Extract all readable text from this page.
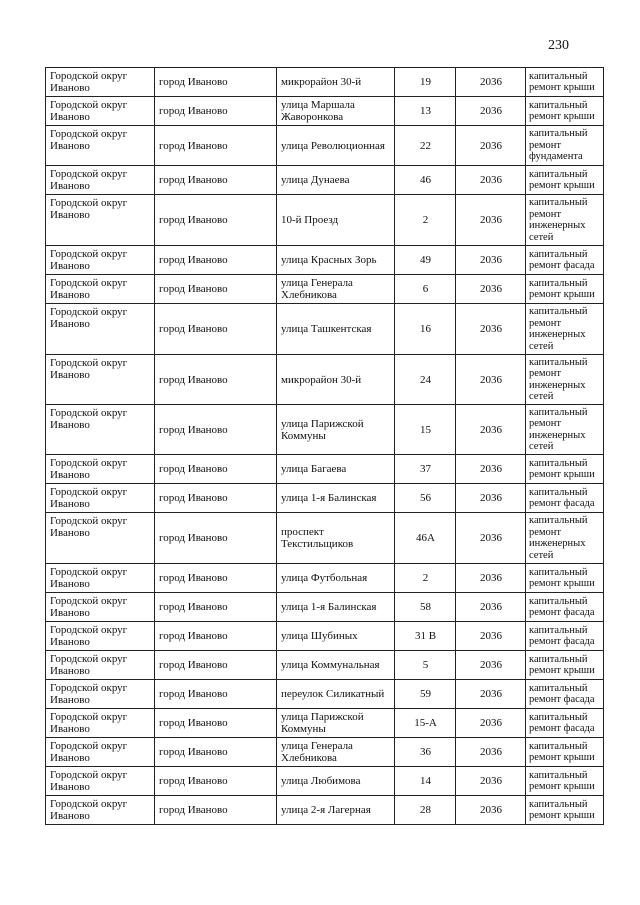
230
Городской округ Иваново	город Иваново	микрорайон 30-й	19	2036	капитальный ремонт крыши
Городской округ Иваново	город Иваново	улица Маршала Жаворонкова	13	2036	капитальный ремонт крыши
Городской округ Иваново	город Иваново	улица Революционная	22	2036	капитальный ремонт фундамента
Городской округ Иваново	город Иваново	улица Дунаева	46	2036	капитальный ремонт крыши
Городской округ Иваново	город Иваново	10-й Проезд	2	2036	капитальный ремонт инженерных сетей
Городской округ Иваново	город Иваново	улица Красных Зорь	49	2036	капитальный ремонт фасада
Городской округ Иваново	город Иваново	улица Генерала Хлебникова	6	2036	капитальный ремонт крыши
Городской округ Иваново	город Иваново	улица Ташкентская	16	2036	капитальный ремонт инженерных сетей
Городской округ Иваново	город Иваново	микрорайон 30-й	24	2036	капитальный ремонт инженерных сетей
Городской округ Иваново	город Иваново	улица Парижской Коммуны	15	2036	капитальный ремонт инженерных сетей
Городской округ Иваново	город Иваново	улица Багаева	37	2036	капитальный ремонт крыши
Городской округ Иваново	город Иваново	улица 1-я Балинская	56	2036	капитальный ремонт фасада
Городской округ Иваново	город Иваново	проспект Текстильщиков	46А	2036	капитальный ремонт инженерных сетей
Городской округ Иваново	город Иваново	улица Футбольная	2	2036	капитальный ремонт крыши
Городской округ Иваново	город Иваново	улица 1-я Балинская	58	2036	капитальный ремонт фасада
Городской округ Иваново	город Иваново	улица Шубиных	31 В	2036	капитальный ремонт фасада
Городской округ Иваново	город Иваново	улица Коммунальная	5	2036	капитальный ремонт крыши
Городской округ Иваново	город Иваново	переулок Силикатный	59	2036	капитальный ремонт фасада
Городской округ Иваново	город Иваново	улица Парижской Коммуны	15-А	2036	капитальный ремонт фасада
Городской округ Иваново	город Иваново	улица Генерала Хлебникова	36	2036	капитальный ремонт крыши
Городской округ Иваново	город Иваново	улица Любимова	14	2036	капитальный ремонт крыши
Городской округ Иваново	город Иваново	улица 2-я Лагерная	28	2036	капитальный ремонт крыши
